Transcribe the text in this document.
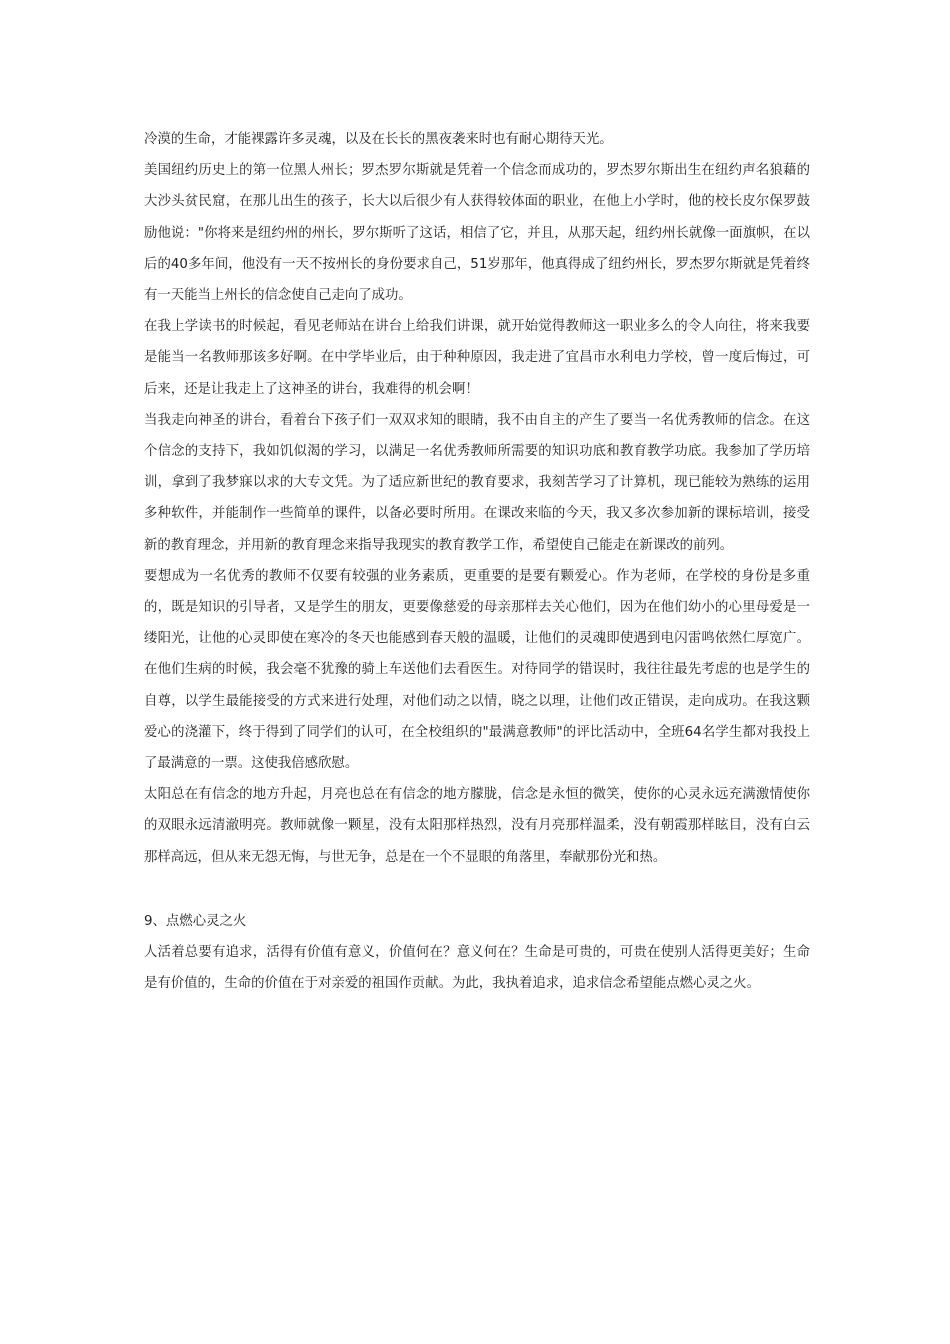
冷漠的生命，才能裸露许多灵魂，以及在长长的黑夜袭来时也有耐心期待天光。

美国纽约历史上的第一位黑人州长；罗杰罗尔斯就是凭着一个信念而成功的，罗杰罗尔斯出生在纽约声名狼藉的大沙头贫民窟，在那儿出生的孩子，长大以后很少有人获得较体面的职业，在他上小学时，他的校长皮尔保罗鼓励他说："你将来是纽约州的州长，罗尔斯听了这话，相信了它，并且，从那天起，纽约州长就像一面旗帜，在以后的40多年间，他没有一天不按州长的身份要求自己，51岁那年，他真得成了纽约州长，罗杰罗尔斯就是凭着终有一天能当上州长的信念使自己走向了成功。

在我上学读书的时候起，看见老师站在讲台上给我们讲课，就开始觉得教师这一职业多么的令人向往，将来我要是能当一名教师那该多好啊。在中学毕业后，由于种种原因，我走进了宜昌市水利电力学校，曾一度后悔过，可后来，还是让我走上了这神圣的讲台，我难得的机会啊！

当我走向神圣的讲台，看着台下孩子们一双双求知的眼睛，我不由自主的产生了要当一名优秀教师的信念。在这个信念的支持下，我如饥似渴的学习，以满足一名优秀教师所需要的知识功底和教育教学功底。我参加了学历培训，拿到了我梦寐以求的大专文凭。为了适应新世纪的教育要求，我刻苦学习了计算机，现已能较为熟练的运用多种软件，并能制作一些简单的课件，以备必要时所用。在课改来临的今天，我又多次参加新的课标培训，接受新的教育理念，并用新的教育理念来指导我现实的教育教学工作，希望使自己能走在新课改的前列。

要想成为一名优秀的教师不仅要有较强的业务素质，更重要的是要有颗爱心。作为老师，在学校的身份是多重的，既是知识的引导者，又是学生的朋友，更要像慈爱的母亲那样去关心他们，因为在他们幼小的心里母爱是一缕阳光，让他的心灵即使在寒冷的冬天也能感到春天般的温暖，让他们的灵魂即使遇到电闪雷鸣依然仁厚宽广。在他们生病的时候，我会毫不犹豫的骑上车送他们去看医生。对待同学的错误时，我往往最先考虑的也是学生的自尊，以学生最能接受的方式来进行处理，对他们动之以情，晓之以理，让他们改正错误，走向成功。在我这颗爱心的浇灌下，终于得到了同学们的认可，在全校组织的"最满意教师"的评比活动中，全班64名学生都对我投上了最满意的一票。这使我倍感欣慰。

太阳总在有信念的地方升起，月亮也总在有信念的地方朦胧，信念是永恒的微笑，使你的心灵永远充满激情使你的双眼永远清澈明亮。教师就像一颗星，没有太阳那样热烈，没有月亮那样温柔，没有朝霞那样眩目，没有白云那样高远，但从来无怨无悔，与世无争，总是在一个不显眼的角落里，奉献那份光和热。

9、点燃心灵之火

人活着总要有追求，活得有价值有意义，价值何在？意义何在？生命是可贵的，可贵在使别人活得更美好；生命是有价值的，生命的价值在于对亲爱的祖国作贡献。为此，我执着追求，追求信念希望能点燃心灵之火。
